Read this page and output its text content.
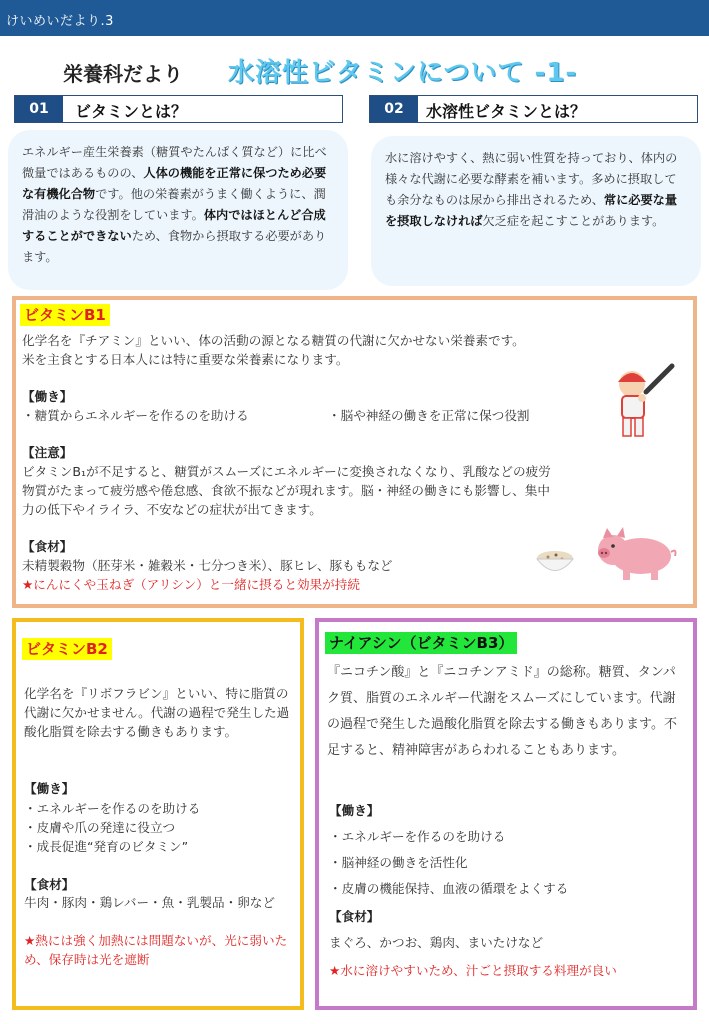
けいめいだより.3
栄養科だより 水溶性ビタミンについて -1-
01	ビタミンとは？	02	水溶性ビタミンとは？
エネルギー産生栄養素（糖質やたんぱく質など）に比べ微量ではあるものの、人体の機能を正常に保つため必要な有機化合物です。他の栄養素がうまく働くように、潤滑油のような役割をしています。体内ではほとんど合成することができないため、食物から摂取する必要があります。
水に溶けやすく、熱に弱い性質を持っており、体内の様々な代謝に必要な酵素を補います。多めに摂取しても余分なものは尿から排出されるため、常に必要な量を摂取しなければ欠乏症を起こすことがあります。
ビタミンB1
化学名を『チアミン』といい、体の活動の源となる糖質の代謝に欠かせない栄養素です。
米を主食とする日本人には特に重要な栄養素になります。
【働き】
・糖質からエネルギーを作るのを助ける	・脳や神経の働きを正常に保つ役割
【注意】
ビタミンB₁が不足すると、糖質がスムーズにエネルギーに変換されなくなり、乳酸などの疲労
物質がたまって疲労感や倦怠感、食欲不振などが現れます。脳・神経の働きにも影響し、集中
力の低下やイライラ、不安などの症状が出てきます。
【食材】
未精製穀物（胚芽米・雑穀米・七分つき米）、豚ヒレ、豚ももなど
★にんにくや玉ねぎ（アリシン）と一緒に摂ると効果が持続
ビタミンB2
化学名を『リボフラビン』といい、特に脂質の代謝に欠かせません。代謝の過程で発生した過酸化脂質を除去する働きもあります。
【働き】
・エネルギーを作るのを助ける
・皮膚や爪の発達に役立つ
・成長促進“発育のビタミン”
【食材】
牛肉・豚肉・鶏レバー・魚・乳製品・卵など
★熱には強く加熱には問題ないが、光に弱いため、保存時は光を遮断
ナイアシン（ビタミンB3）
『ニコチン酸』と『ニコチンアミド』の総称。糖質、タンパク質、脂質のエネルギー代謝をスムーズにしています。代謝の過程で発生した過酸化脂質を除去する働きもあります。不足すると、精神障害があらわれることもあります。
【働き】
・エネルギーを作るのを助ける
・脳神経の働きを活性化
・皮膚の機能保持、血液の循環をよくする
【食材】
まぐろ、かつお、鶏肉、まいたけなど
★水に溶けやすいため、汁ごと摂取する料理が良い
